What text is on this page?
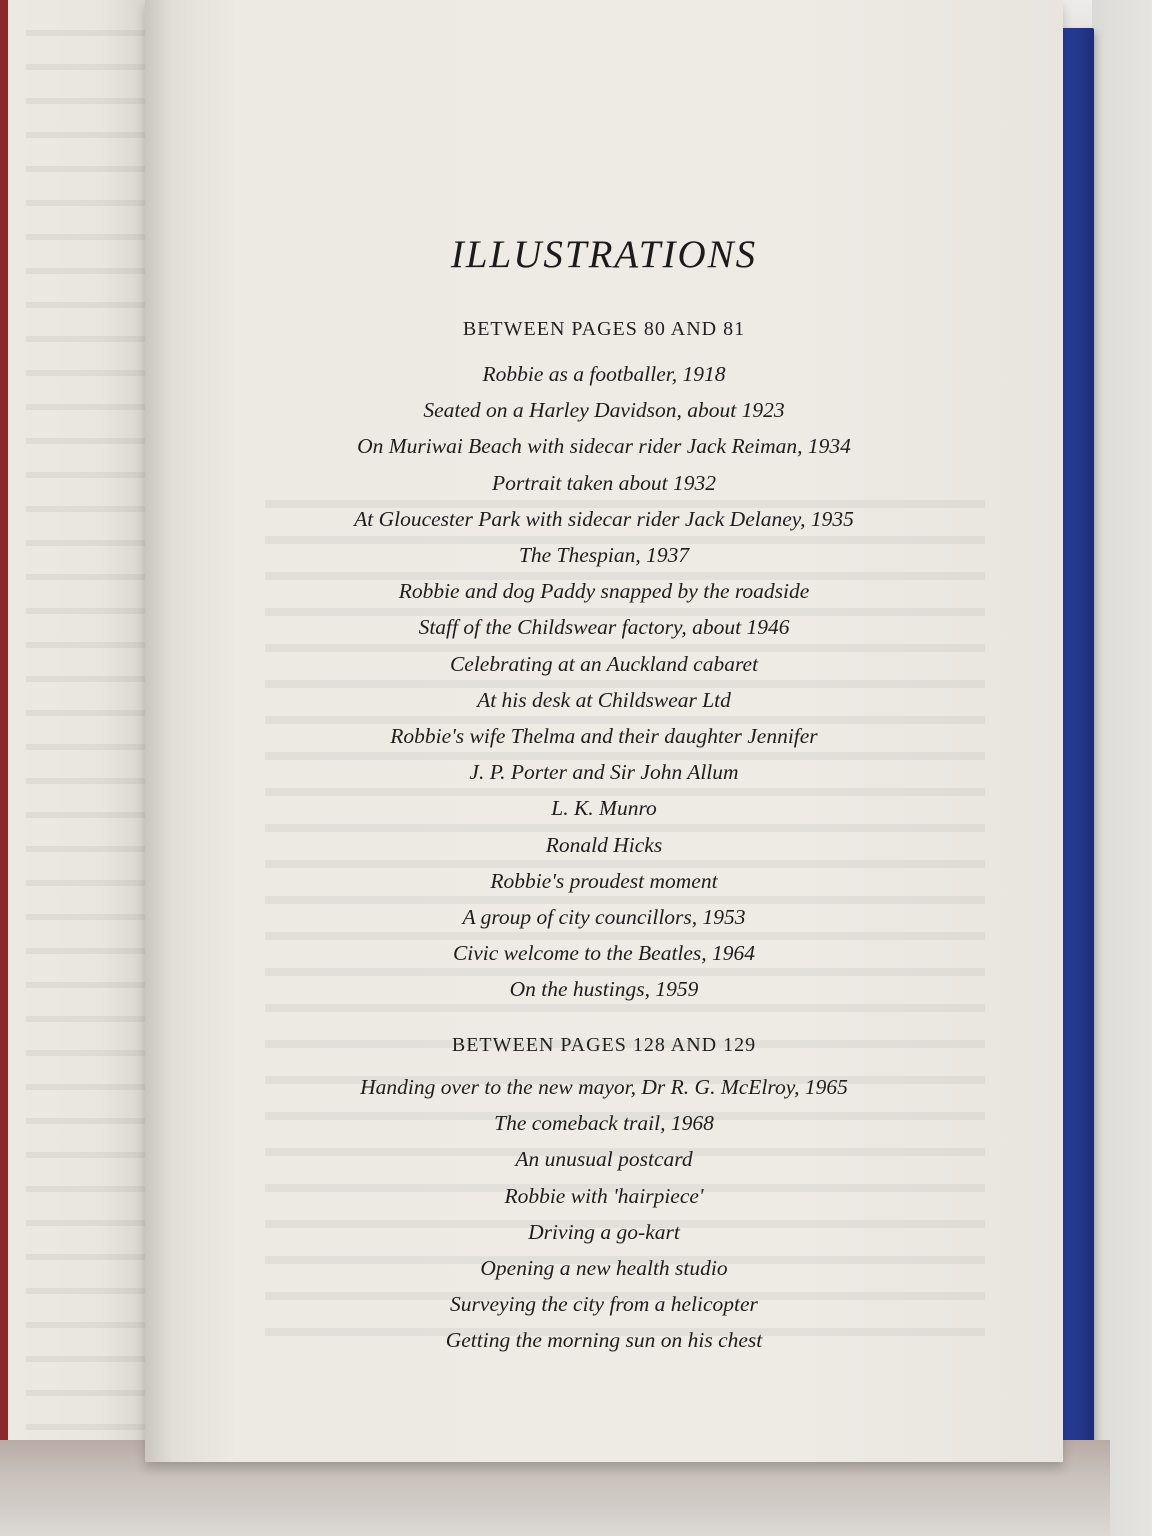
ILLUSTRATIONS
BETWEEN PAGES 80 AND 81
Robbie as a footballer, 1918
Seated on a Harley Davidson, about 1923
On Muriwai Beach with sidecar rider Jack Reiman, 1934
Portrait taken about 1932
At Gloucester Park with sidecar rider Jack Delaney, 1935
The Thespian, 1937
Robbie and dog Paddy snapped by the roadside
Staff of the Childswear factory, about 1946
Celebrating at an Auckland cabaret
At his desk at Childswear Ltd
Robbie's wife Thelma and their daughter Jennifer
J. P. Porter and Sir John Allum
L. K. Munro
Ronald Hicks
Robbie's proudest moment
A group of city councillors, 1953
Civic welcome to the Beatles, 1964
On the hustings, 1959
BETWEEN PAGES 128 AND 129
Handing over to the new mayor, Dr R. G. McElroy, 1965
The comeback trail, 1968
An unusual postcard
Robbie with 'hairpiece'
Driving a go-kart
Opening a new health studio
Surveying the city from a helicopter
Getting the morning sun on his chest
